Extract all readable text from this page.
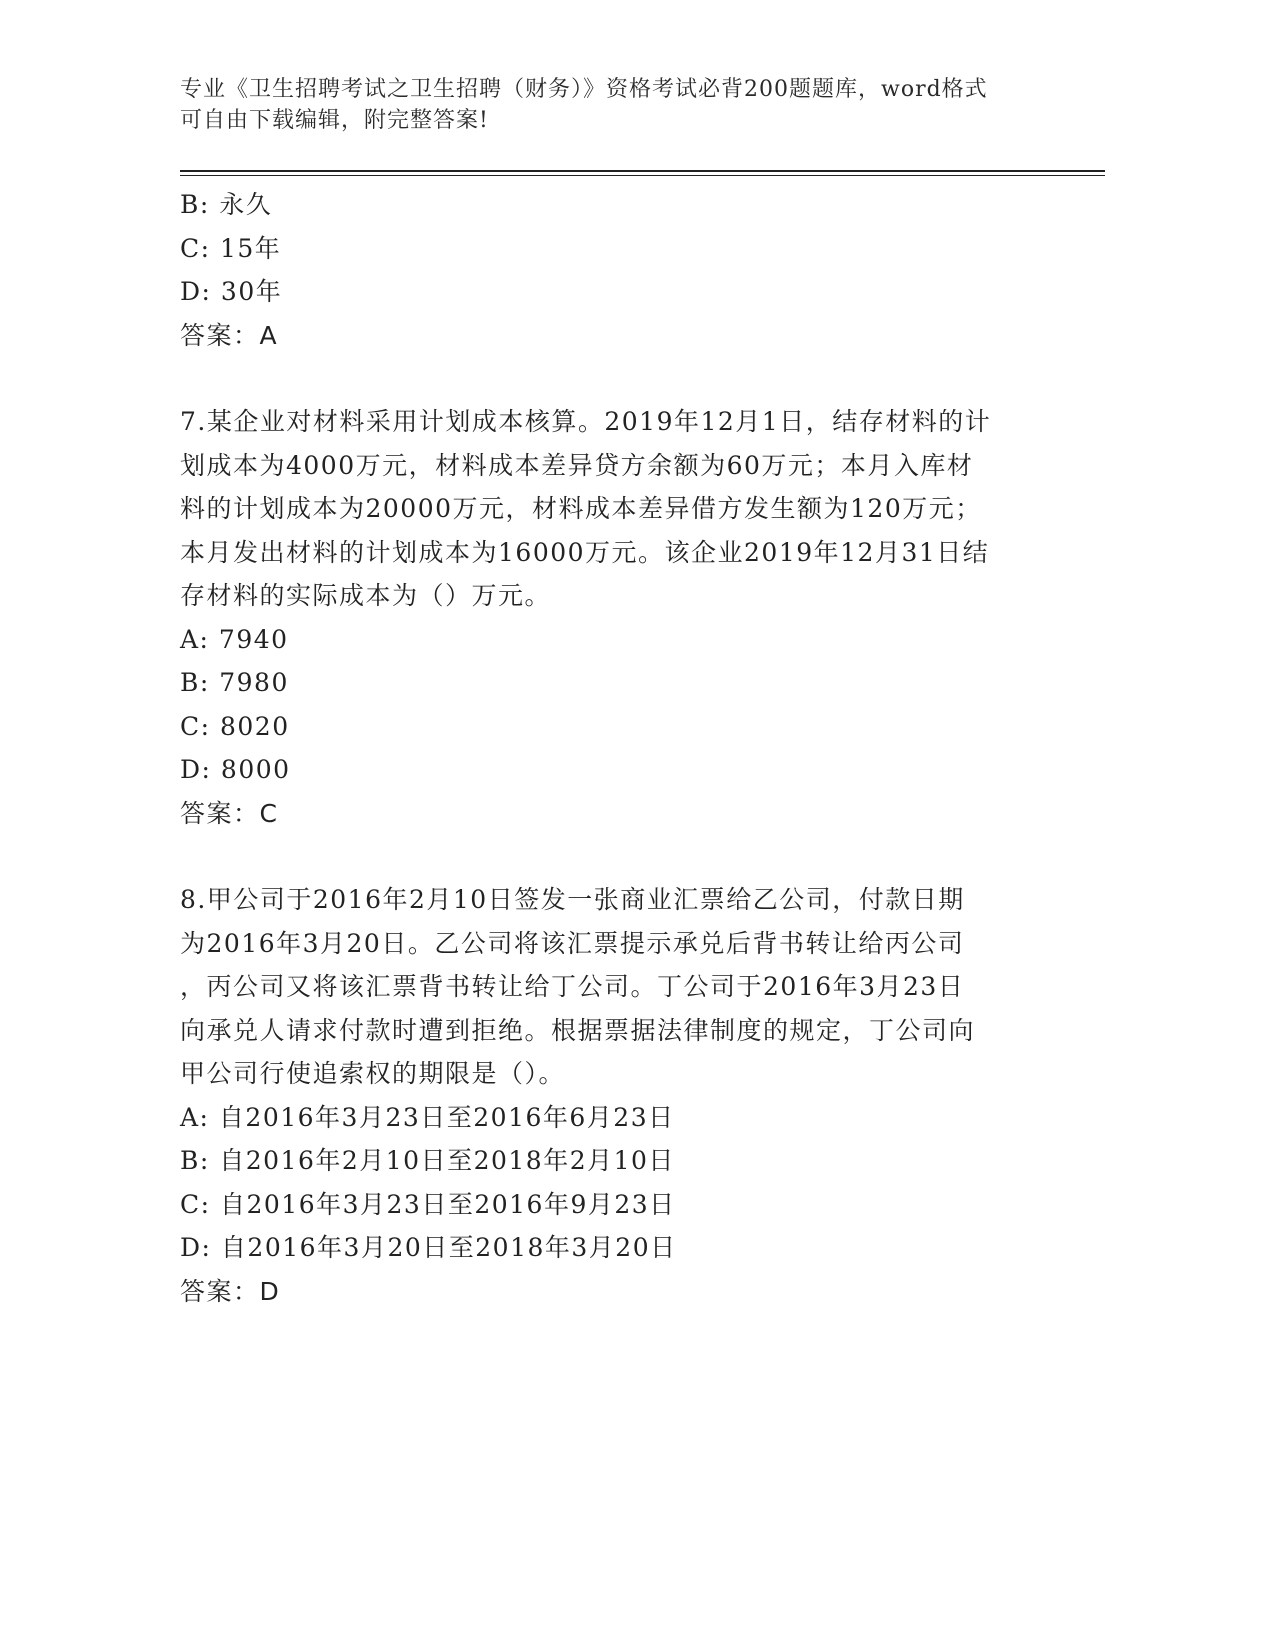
专业《卫生招聘考试之卫生招聘（财务）》资格考试必背200题题库，word格式
可自由下载编辑，附完整答案!
B: 永久
C: 15年
D: 30年
答案：A
7.某企业对材料采用计划成本核算。2019年12月1日，结存材料的计
划成本为4000万元，材料成本差异贷方余额为60万元；本月入库材
料的计划成本为20000万元，材料成本差异借方发生额为120万元；
本月发出材料的计划成本为16000万元。该企业2019年12月31日结
存材料的实际成本为（）万元。
A: 7940
B: 7980
C: 8020
D: 8000
答案：C
8.甲公司于2016年2月10日签发一张商业汇票给乙公司，付款日期
为2016年3月20日。乙公司将该汇票提示承兑后背书转让给丙公司
，丙公司又将该汇票背书转让给丁公司。丁公司于2016年3月23日
向承兑人请求付款时遭到拒绝。根据票据法律制度的规定，丁公司向
甲公司行使追索权的期限是（）。
A: 自2016年3月23日至2016年6月23日
B: 自2016年2月10日至2018年2月10日
C: 自2016年3月23日至2016年9月23日
D: 自2016年3月20日至2018年3月20日
答案：D
